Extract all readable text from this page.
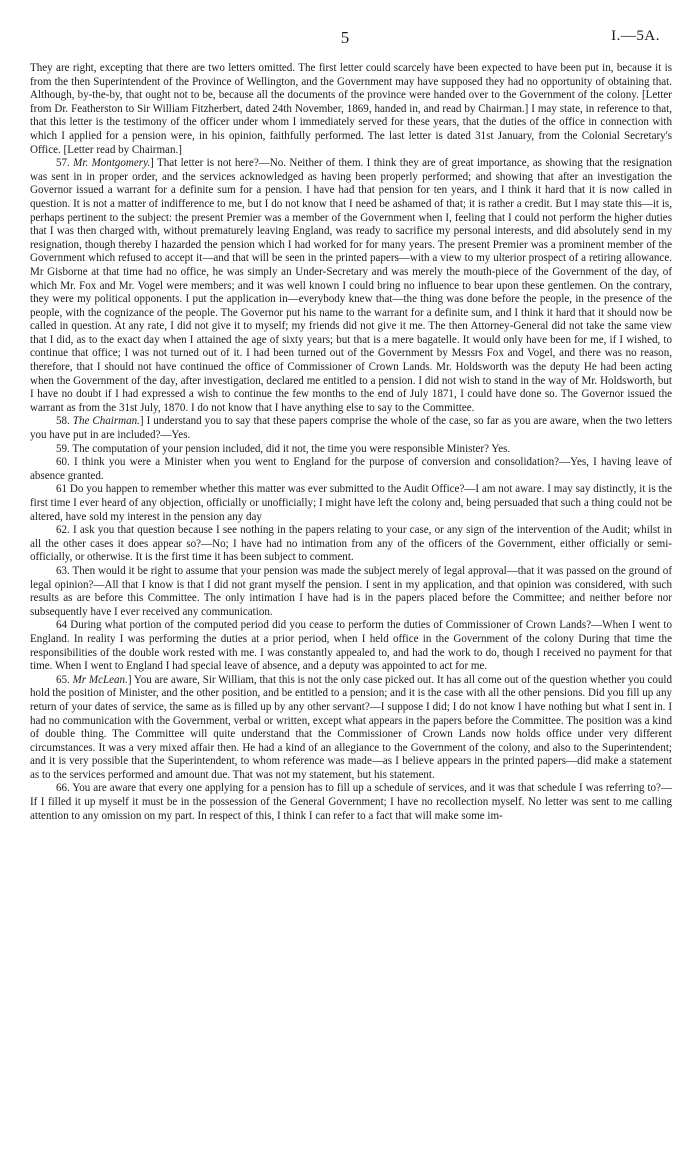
5	I.—5A.

They are right, excepting that there are two letters omitted. The first letter could scarcely have been expected to have been put in, because it is from the then Superintendent of the Province of Wellington, and the Government may have supposed they had no opportunity of obtaining that. Although, by-the-by, that ought not to be, because all the documents of the province were handed over to the Government of the colony. [Letter from Dr. Featherston to Sir William Fitzherbert, dated 24th November, 1869, handed in, and read by Chairman.] I may state, in reference to that, that this letter is the testimony of the officer under whom I immediately served for these years, that the duties of the office in connection with which I applied for a pension were, in his opinion, faithfully performed. The last letter is dated 31st January, from the Colonial Secretary's Office. [Letter read by Chairman.]

57. Mr. Montgomery.] That letter is not here?—No. Neither of them. I think they are of great importance, as showing that the resignation was sent in in proper order, and the services acknowledged as having been properly performed; and showing that after an investigation the Governor issued a warrant for a definite sum for a pension. I have had that pension for ten years, and I think it hard that it is now called in question. It is not a matter of indifference to me, but I do not know that I need be ashamed of that; it is rather a credit. But I may state this—it is, perhaps pertinent to the subject: the present Premier was a member of the Government when I, feeling that I could not perform the higher duties that I was then charged with, without prematurely leaving England, was ready to sacrifice my personal interests, and did absolutely send in my resignation, though thereby I hazarded the pension which I had worked for for many years. The present Premier was a prominent member of the Government which refused to accept it—and that will be seen in the printed papers—with a view to my ulterior prospect of a retiring allowance. Mr Gisborne at that time had no office, he was simply an Under-Secretary and was merely the mouth-piece of the Government of the day, of which Mr. Fox and Mr. Vogel were members; and it was well known I could bring no influence to bear upon these gentlemen. On the contrary, they were my political opponents. I put the application in—everybody knew that—the thing was done before the people, in the presence of the people, with the cognizance of the people. The Governor put his name to the warrant for a definite sum, and I think it hard that it should now be called in question. At any rate, I did not give it to myself; my friends did not give it me. The then Attorney-General did not take the same view that I did, as to the exact day when I attained the age of sixty years; but that is a mere bagatelle. It would only have been for me, if I wished, to continue that office; I was not turned out of it. I had been turned out of the Government by Messrs Fox and Vogel, and there was no reason, therefore, that I should not have continued the office of Commissioner of Crown Lands. Mr. Holdsworth was the deputy He had been acting when the Government of the day, after investigation, declared me entitled to a pension. I did not wish to stand in the way of Mr. Holdsworth, but I have no doubt if I had expressed a wish to continue the few months to the end of July 1871, I could have done so. The Governor issued the warrant as from the 31st July, 1870. I do not know that I have anything else to say to the Committee.

58. The Chairman.] I understand you to say that these papers comprise the whole of the case, so far as you are aware, when the two letters you have put in are included?—Yes.

59. The computation of your pension included, did it not, the time you were responsible Minister? Yes.

60. I think you were a Minister when you went to England for the purpose of conversion and consolidation?—Yes, I having leave of absence granted.

61 Do you happen to remember whether this matter was ever submitted to the Audit Office?—I am not aware. I may say distinctly, it is the first time I ever heard of any objection, officially or unofficially; I might have left the colony and, being persuaded that such a thing could not be altered, have sold my interest in the pension any day

62. I ask you that question because I see nothing in the papers relating to your case, or any sign of the intervention of the Audit; whilst in all the other cases it does appear so?—No; I have had no intimation from any of the officers of the Government, either officially or semi-officially, or otherwise. It is the first time it has been subject to comment.

63. Then would it be right to assume that your pension was made the subject merely of legal approval—that it was passed on the ground of legal opinion?—All that I know is that I did not grant myself the pension. I sent in my application, and that opinion was considered, with such results as are before this Committee. The only intimation I have had is in the papers placed before the Committee; and neither before nor subsequently have I ever received any communication.

64 During what portion of the computed period did you cease to perform the duties of Commissioner of Crown Lands?—When I went to England. In reality I was performing the duties at a prior period, when I held office in the Government of the colony During that time the responsibilities of the double work rested with me. I was constantly appealed to, and had the work to do, though I received no payment for that time. When I went to England I had special leave of absence, and a deputy was appointed to act for me.

65. Mr McLean.] You are aware, Sir William, that this is not the only case picked out. It has all come out of the question whether you could hold the position of Minister, and the other position, and be entitled to a pension; and it is the case with all the other pensions. Did you fill up any return of your dates of service, the same as is filled up by any other servant?—I suppose I did; I do not know I have nothing but what I sent in. I had no communication with the Government, verbal or written, except what appears in the papers before the Committee. The position was a kind of double thing. The Committee will quite understand that the Commissioner of Crown Lands now holds office under very different circumstances. It was a very mixed affair then. He had a kind of an allegiance to the Government of the colony, and also to the Superintendent; and it is very possible that the Superintendent, to whom reference was made—as I believe appears in the printed papers—did make a statement as to the services performed and amount due. That was not my statement, but his statement.

66. You are aware that every one applying for a pension has to fill up a schedule of services, and it was that schedule I was referring to?—If I filled it up myself it must be in the possession of the General Government; I have no recollection myself. No letter was sent to me calling attention to any omission on my part. In respect of this, I think I can refer to a fact that will make some im-
